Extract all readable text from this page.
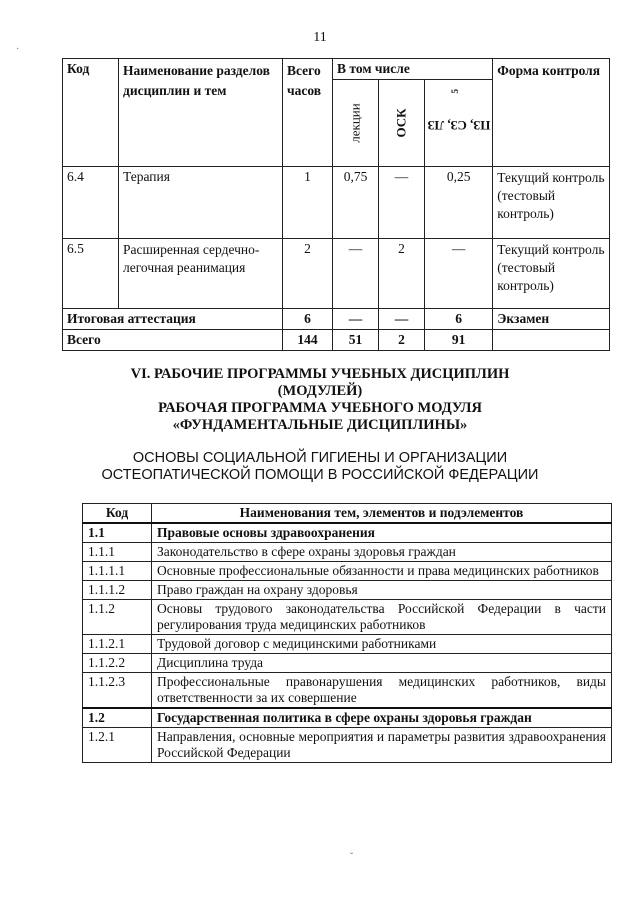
11
Код	Наименование разделов дисциплин и тем	Всего часов	В том числе			Форма контроля
			лекции	ОСК	ПЗ, СЗ, $ЛЗ^5$
6.4	Терапия	1	0,75	—	0,25	Текущий контроль (тестовый контроль)
6.5	Расширенная сердечно-легочная реанимация	2	—	2	—	Текущий контроль (тестовый контроль)
Итоговая аттестация		6	—	—	6	Экзамен
Всего		144	51	2	91	
VI. РАБОЧИЕ ПРОГРАММЫ УЧЕБНЫХ ДИСЦИПЛИН
(МОДУЛЕЙ)
РАБОЧАЯ ПРОГРАММА УЧЕБНОГО МОДУЛЯ
«ФУНДАМЕНТАЛЬНЫЕ ДИСЦИПЛИНЫ»
ОСНОВЫ СОЦИАЛЬНОЙ ГИГИЕНЫ И ОРГАНИЗАЦИИ
ОСТЕОПАТИЧЕСКОЙ ПОМОЩИ В РОССИЙСКОЙ ФЕДЕРАЦИИ
Код	Наименования тем, элементов и подэлементов
1.1	Правовые основы здравоохранения
1.1.1	Законодательство в сфере охраны здоровья граждан
1.1.1.1	Основные профессиональные обязанности и права медицинских работников
1.1.1.2	Право граждан на охрану здоровья
1.1.2	Основы трудового законодательства Российской Федерации в части регулирования труда медицинских работников
1.1.2.1	Трудовой договор с медицинскими работниками
1.1.2.2	Дисциплина труда
1.1.2.3	Профессиональные правонарушения медицинских работников, виды ответственности за их совершение
1.2	Государственная политика в сфере охраны здоровья граждан
1.2.1	Направления, основные мероприятия и параметры развития здравоохранения Российской Федерации
·
ˇ
